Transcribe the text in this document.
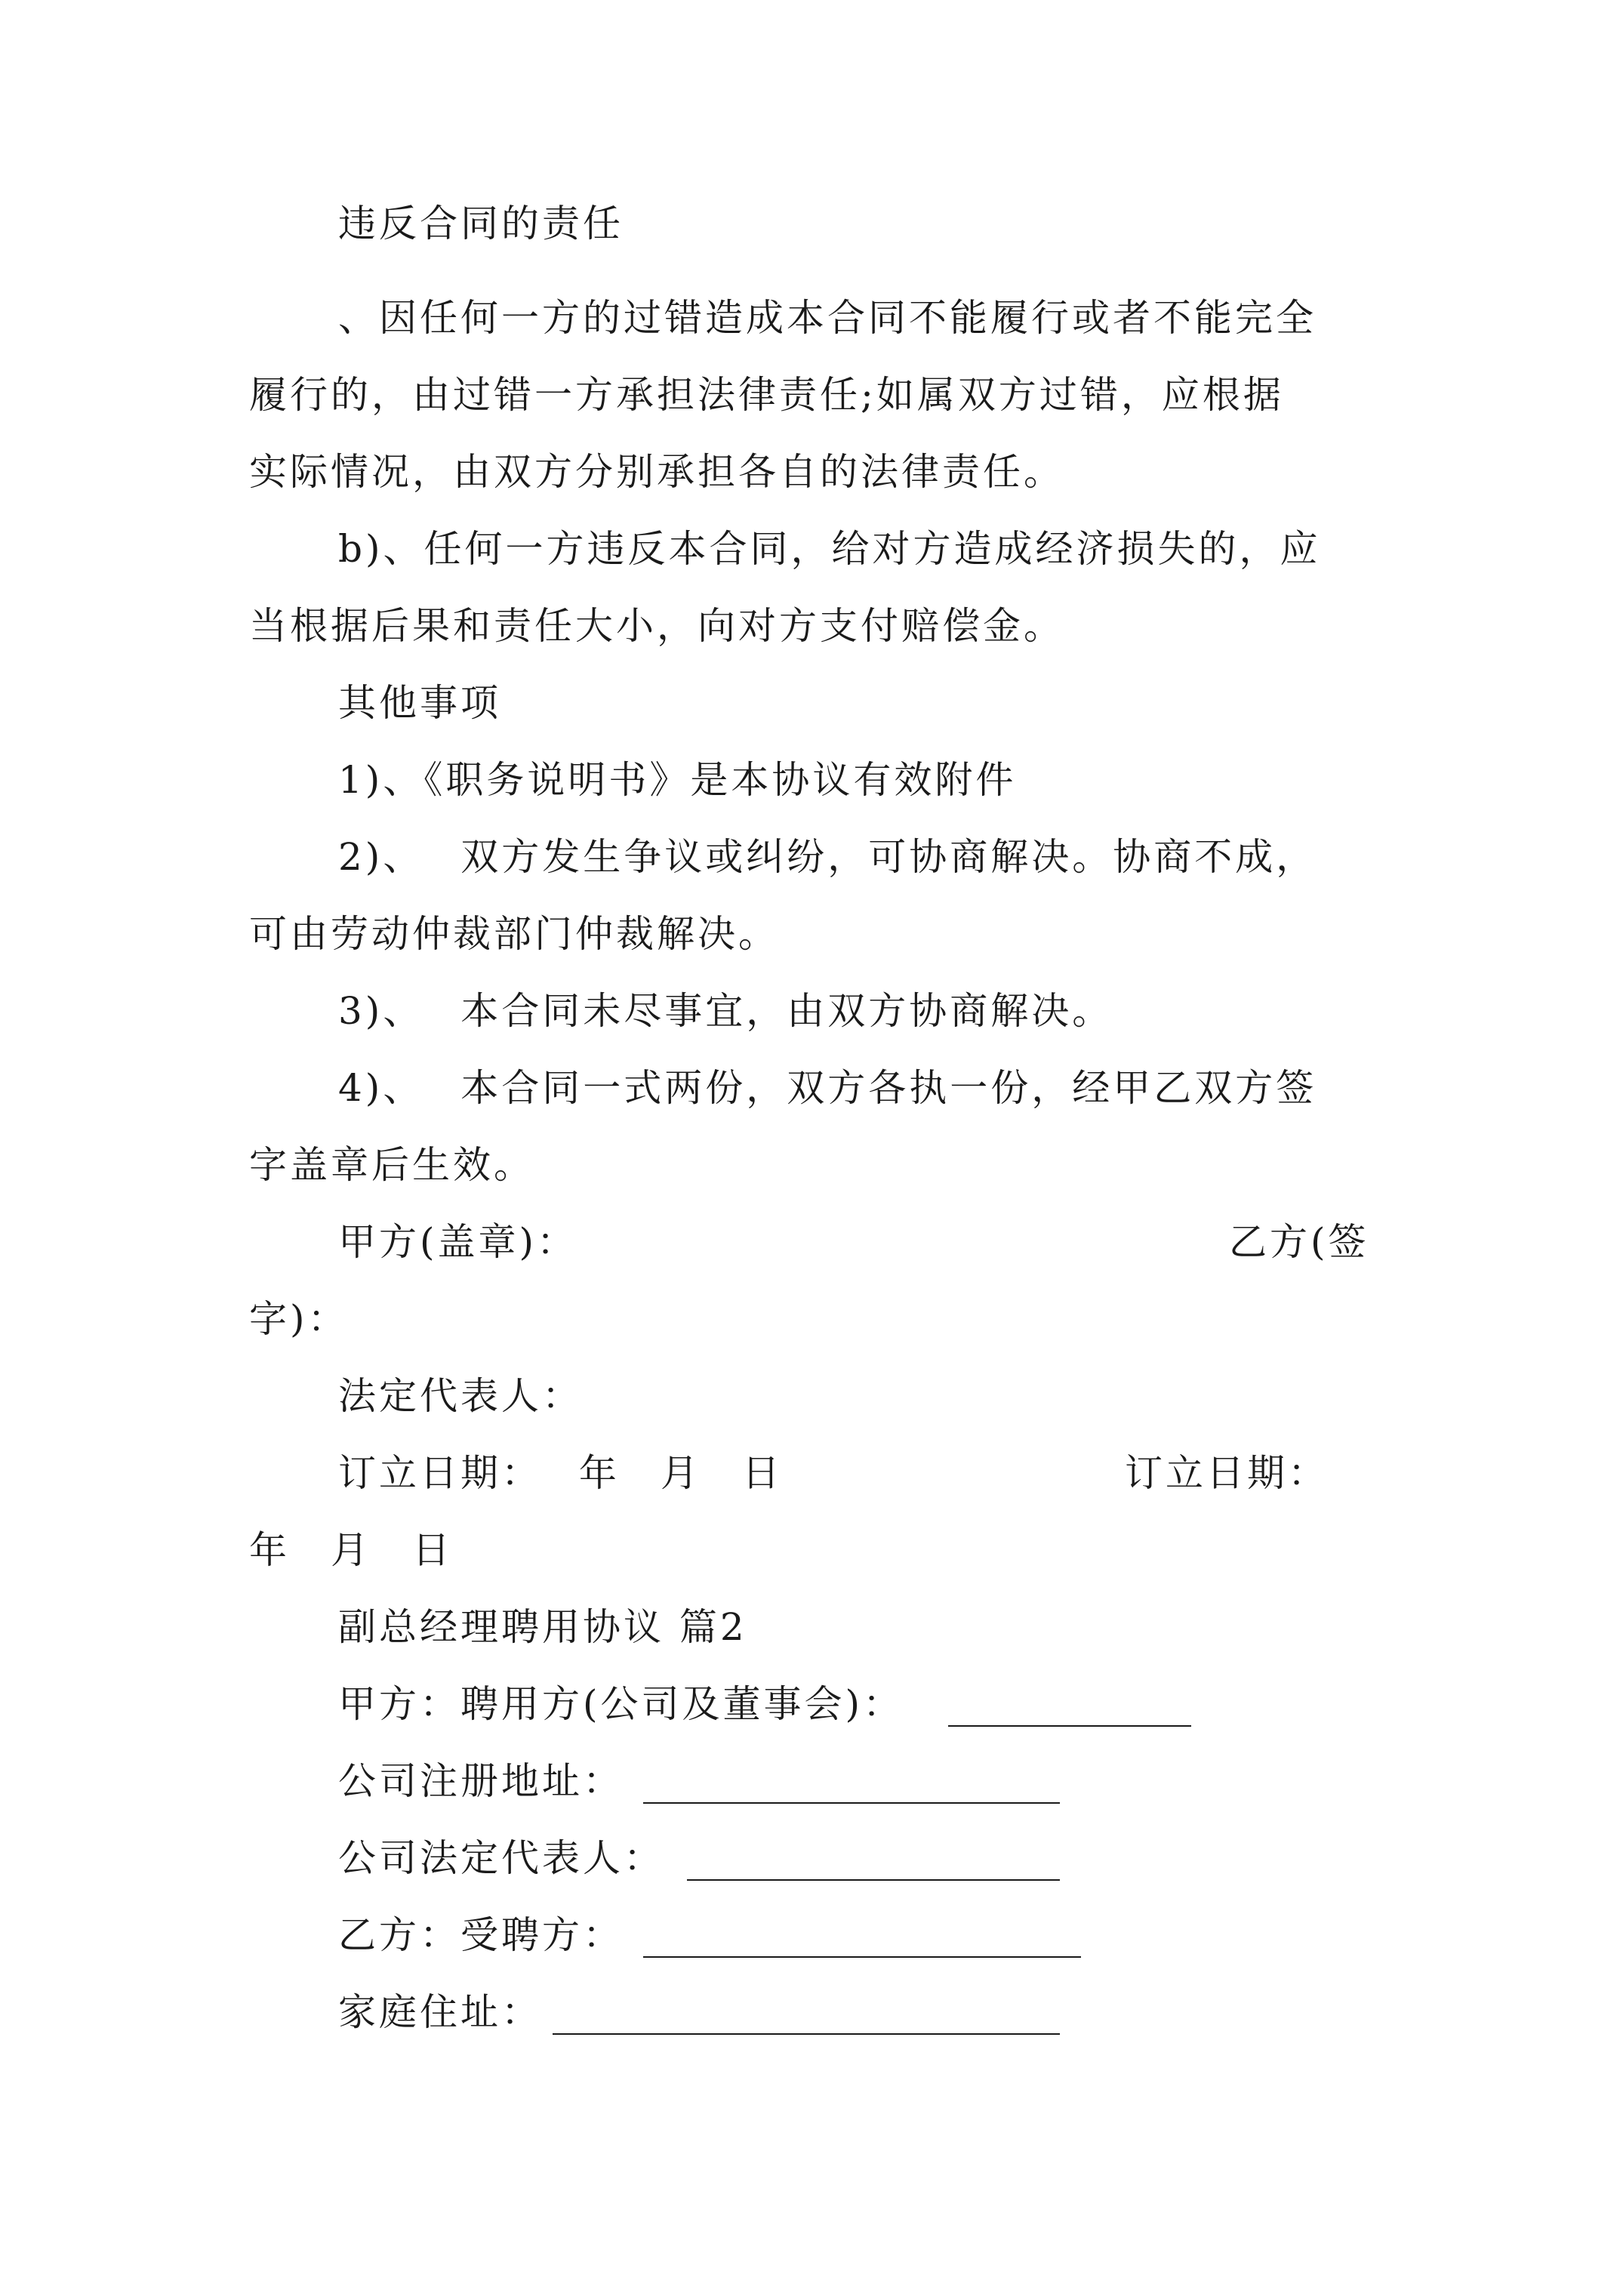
违反合同的责任
、因任何一方的过错造成本合同不能履行或者不能完全
履行的，由过错一方承担法律责任;如属双方过错，应根据
实际情况，由双方分别承担各自的法律责任。
b)、任何一方违反本合同，给对方造成经济损失的，应
当根据后果和责任大小，向对方支付赔偿金。
其他事项
1)、《职务说明书》是本协议有效附件
2)、　 双方发生争议或纠纷，可协商解决。协商不成，
可由劳动仲裁部门仲裁解决。
3)、　 本合同未尽事宜，由双方协商解决。
4)、　 本合同一式两份，双方各执一份，经甲乙双方签
字盖章后生效。
甲方(盖章)：	乙方(签
字)：
法定代表人：
订立日期：　 年　月　日	订立日期：
年　月　日
副总经理聘用协议 篇2
甲方：聘用方(公司及董事会)：
公司注册地址：
公司法定代表人：
乙方：受聘方：
家庭住址：
